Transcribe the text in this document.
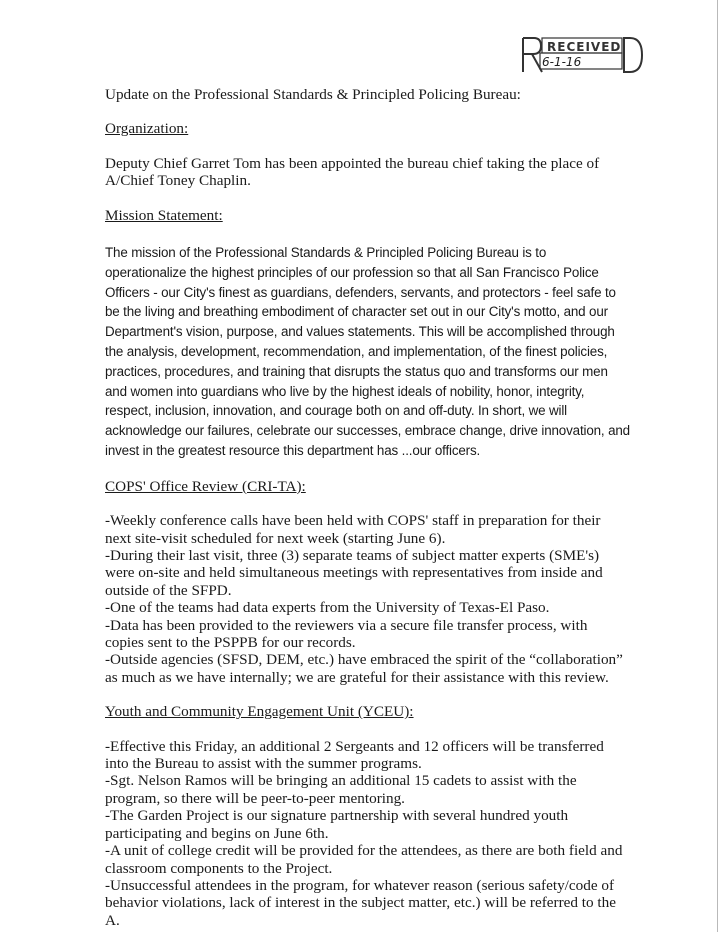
RECEIVED
6-1-16

Update on the Professional Standards & Principled Policing Bureau:

Organization:

Deputy Chief Garret Tom has been appointed the bureau chief taking the place of A/Chief Toney Chaplin.

Mission Statement:

The mission of the Professional Standards & Principled Policing Bureau is to operationalize the highest principles of our profession so that all San Francisco Police Officers - our City's finest as guardians, defenders, servants, and protectors - feel safe to be the living and breathing embodiment of character set out in our City's motto, and our Department's vision, purpose, and values statements. This will be accomplished through the analysis, development, recommendation, and implementation, of the finest policies, practices, procedures, and training that disrupts the status quo and transforms our men and women into guardians who live by the highest ideals of nobility, honor, integrity, respect, inclusion, innovation, and courage both on and off-duty. In short, we will acknowledge our failures, celebrate our successes, embrace change, drive innovation, and invest in the greatest resource this department has ...our officers.

COPS' Office Review (CRI-TA):

-Weekly conference calls have been held with COPS' staff in preparation for their next site-visit scheduled for next week (starting June 6).

-During their last visit, three (3) separate teams of subject matter experts (SME's) were on-site and held simultaneous meetings with representatives from inside and outside of the SFPD.

-One of the teams had data experts from the University of Texas-El Paso.

-Data has been provided to the reviewers via a secure file transfer process, with copies sent to the PSPPB for our records.

-Outside agencies (SFSD, DEM, etc.) have embraced the spirit of the “collaboration” as much as we have internally; we are grateful for their assistance with this review.

Youth and Community Engagement Unit (YCEU):

-Effective this Friday, an additional 2 Sergeants and 12 officers will be transferred into the Bureau to assist with the summer programs.

-Sgt. Nelson Ramos will be bringing an additional 15 cadets to assist with the program, so there will be peer-to-peer mentoring.

-The Garden Project is our signature partnership with several hundred youth participating and begins on June 6th.

-A unit of college credit will be provided for the attendees, as there are both field and classroom components to the Project.

-Unsuccessful attendees in the program, for whatever reason (serious safety/code of behavior violations, lack of interest in the subject matter, etc.) will be referred to the A.
